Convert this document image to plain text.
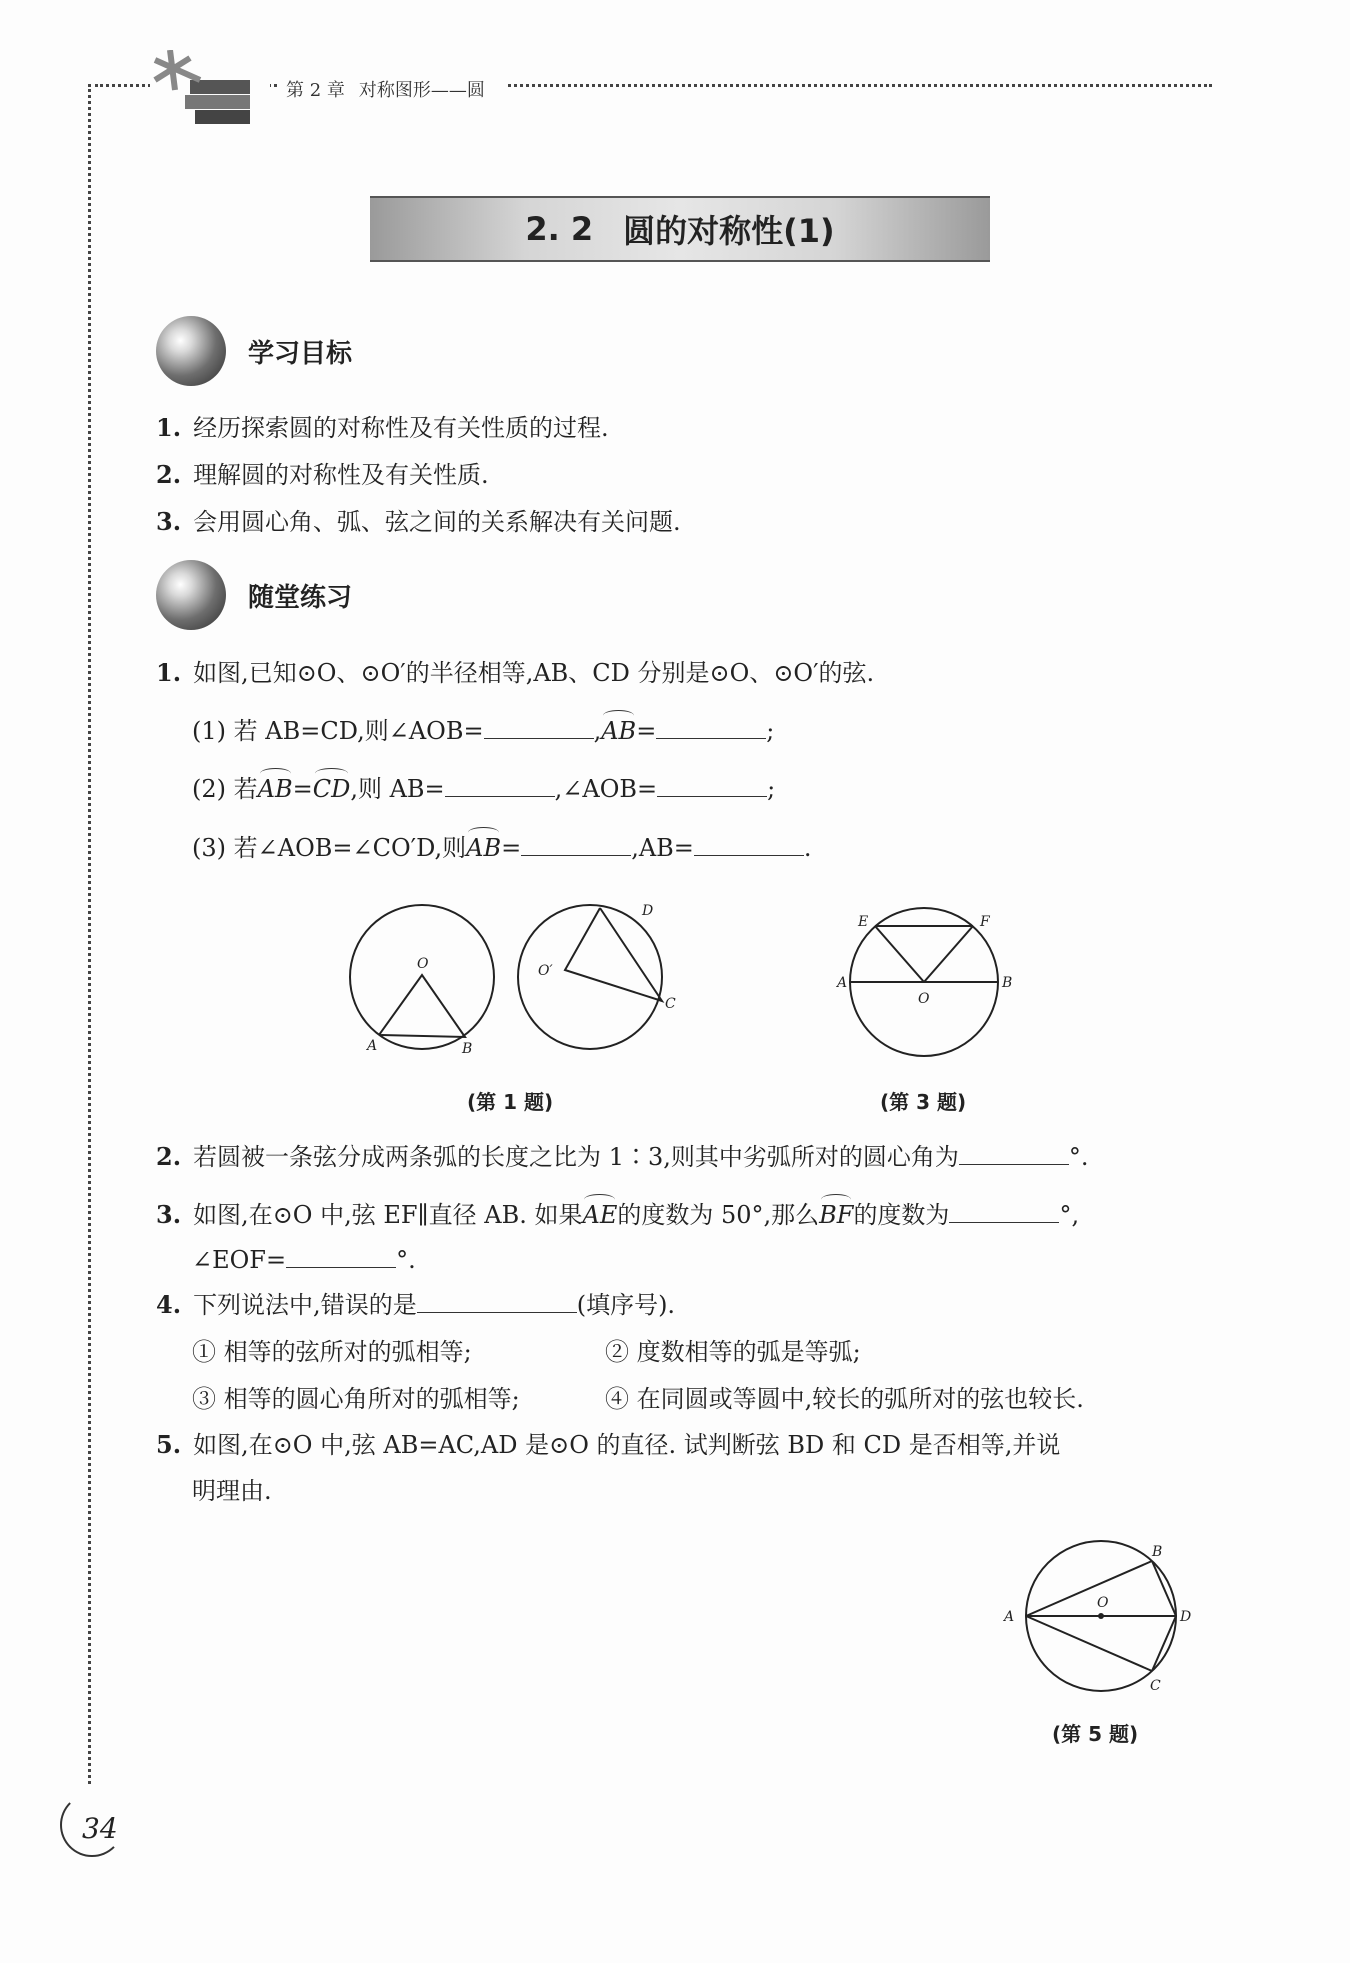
第 2 章 对称图形——圆
2. 2 圆的对称性(1)
学习目标
1. 经历探索圆的对称性及有关性质的过程.
2. 理解圆的对称性及有关性质.
3. 会用圆心角、弧、弦之间的关系解决有关问题.
随堂练习
1. 如图,已知⊙O、⊙O′的半径相等,AB、CD 分别是⊙O、⊙O′的弦.
(1) 若 AB=CD,则∠AOB=	,AB=	;
(2) 若AB=CD,则 AB=	,∠AOB=	;
(3) 若∠AOB=∠CO′D,则AB=	,AB=	.
O
A	B
O′
D
C
E	F
A	B
O
(第 1 题)	(第 3 题)
2. 若圆被一条弦分成两条弧的长度之比为 1∶3,则其中劣弧所对的圆心角为	°.
3. 如图,在⊙O 中,弦 EF∥直径 AB. 如果AE的度数为 50°,那么BF的度数为	°,
∠EOF=	°.
4. 下列说法中,错误的是	(填序号).
① 相等的弦所对的弧相等;	② 度数相等的弧是等弧;
③ 相等的圆心角所对的弧相等;	④ 在同圆或等圆中,较长的弧所对的弦也较长.
5. 如图,在⊙O 中,弦 AB=AC,AD 是⊙O 的直径. 试判断弦 BD 和 CD 是否相等,并说
明理由.
O
A
B
D
C
(第 5 题)
34
